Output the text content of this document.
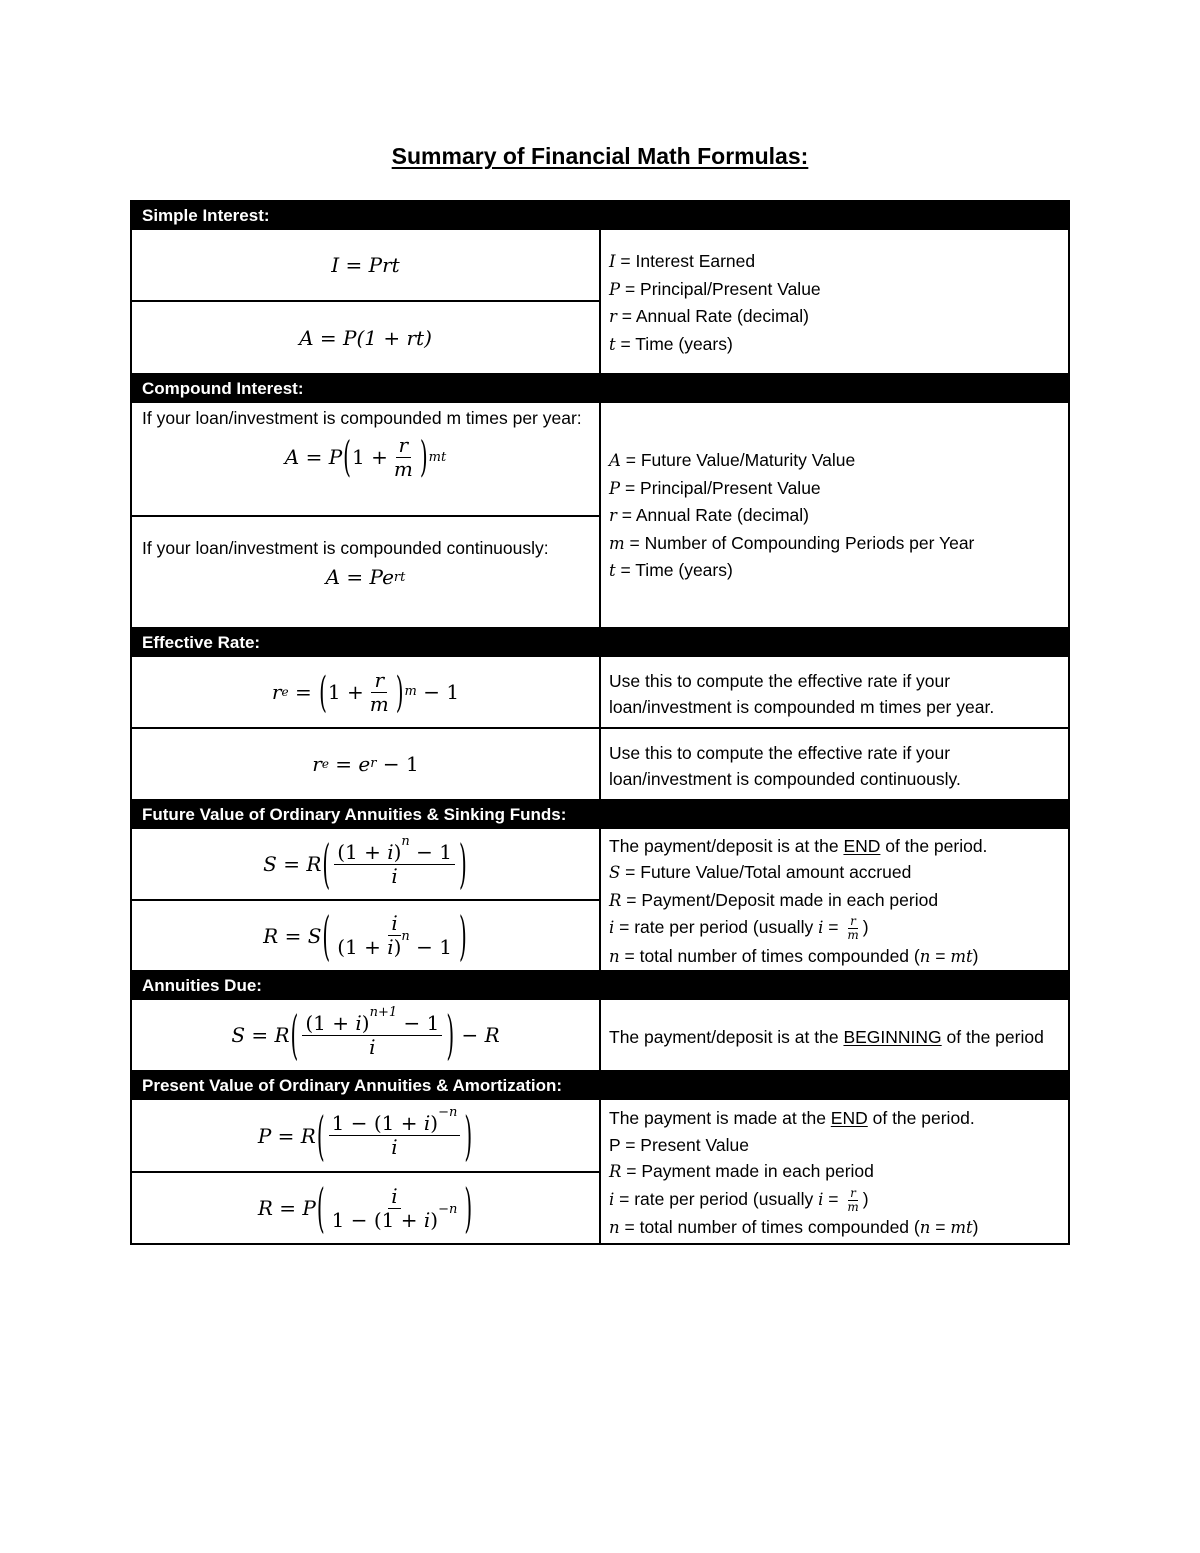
Summary of Financial Math Formulas:
Simple Interest:
I = Prt
A = P(1 + rt)
I = Interest Earned
P = Principal/Present Value
r = Annual Rate (decimal)
t = Time (years)
Compound Interest:
If your loan/investment is compounded m times per year:
A = P ( $1 + \frac{r}{m}$ ) mt
If your loan/investment is compounded continuously:
A = Pe rt
A = Future Value/Maturity Value
P = Principal/Present Value
r = Annual Rate (decimal)
m = Number of Compounding Periods per Year
t = Time (years)
Effective Rate:
r e = ( $1 + \frac{r}{m}$ ) m − 1	Use this to compute the effective rate if your loan/investment is compounded m times per year.
r e = e r − 1	Use this to compute the effective rate if your loan/investment is compounded continuously.
Future Value of Ordinary Annuities & Sinking Funds:
S = R ( $\frac{(1 + i)^n - 1}{i}$ )
R = S ( $\frac{i}{(1 + i)^n - 1}$ )
The payment/deposit is at the END of the period.
S = Future Value/Total amount accrued
R = Payment/Deposit made in each period
i = rate per period (usually $i = \frac{r}{m}$ )
n = total number of times compounded (n = mt)
Annuities Due:
S = R ( $\frac{(1 + i)^{n+1} - 1}{i}$ ) − R	The payment/deposit is at the BEGINNING of the period
Present Value of Ordinary Annuities & Amortization:
P = R ( $\frac{1 - (1 + i)^{-n}}{i}$ )
R = P ( $\frac{i}{1 - (1 + i)^{-n}}$ )
The payment is made at the END of the period.
P = Present Value
R = Payment made in each period
i = rate per period (usually $i = \frac{r}{m}$ )
n = total number of times compounded (n = mt)
